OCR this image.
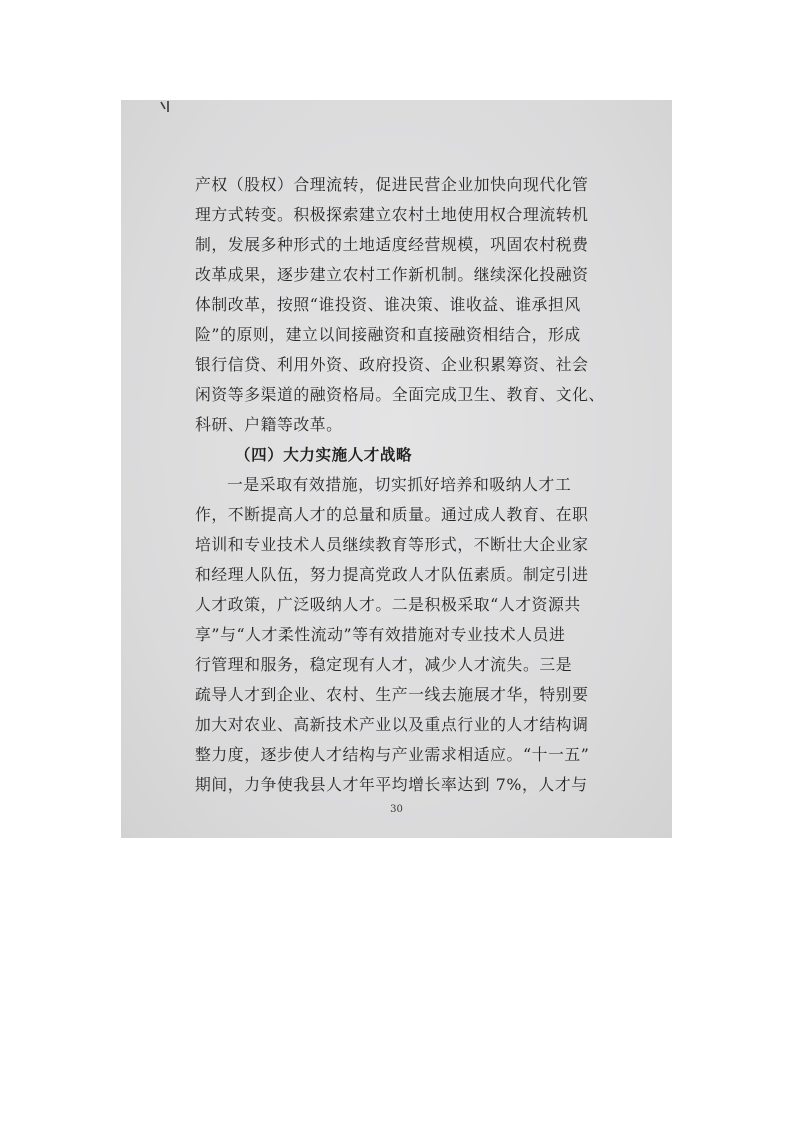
产权（股权）合理流转，促进民营企业加快向现代化管
理方式转变。积极探索建立农村土地使用权合理流转机
制，发展多种形式的土地适度经营规模，巩固农村税费
改革成果，逐步建立农村工作新机制。继续深化投融资
体制改革，按照“谁投资、谁决策、谁收益、谁承担风
险”的原则，建立以间接融资和直接融资相结合，形成
银行信贷、利用外资、政府投资、企业积累筹资、社会
闲资等多渠道的融资格局。全面完成卫生、教育、文化、
科研、户籍等改革。
（四）大力实施人才战略
一是采取有效措施，切实抓好培养和吸纳人才工
作，不断提高人才的总量和质量。通过成人教育、在职
培训和专业技术人员继续教育等形式，不断壮大企业家
和经理人队伍，努力提高党政人才队伍素质。制定引进
人才政策，广泛吸纳人才。二是积极采取“人才资源共
享”与“人才柔性流动”等有效措施对专业技术人员进
行管理和服务，稳定现有人才，减少人才流失。三是
疏导人才到企业、农村、生产一线去施展才华，特别要
加大对农业、高新技术产业以及重点行业的人才结构调
整力度，逐步使人才结构与产业需求相适应。“十一五”
期间，力争使我县人才年平均增长率达到 7%，人才与
30
